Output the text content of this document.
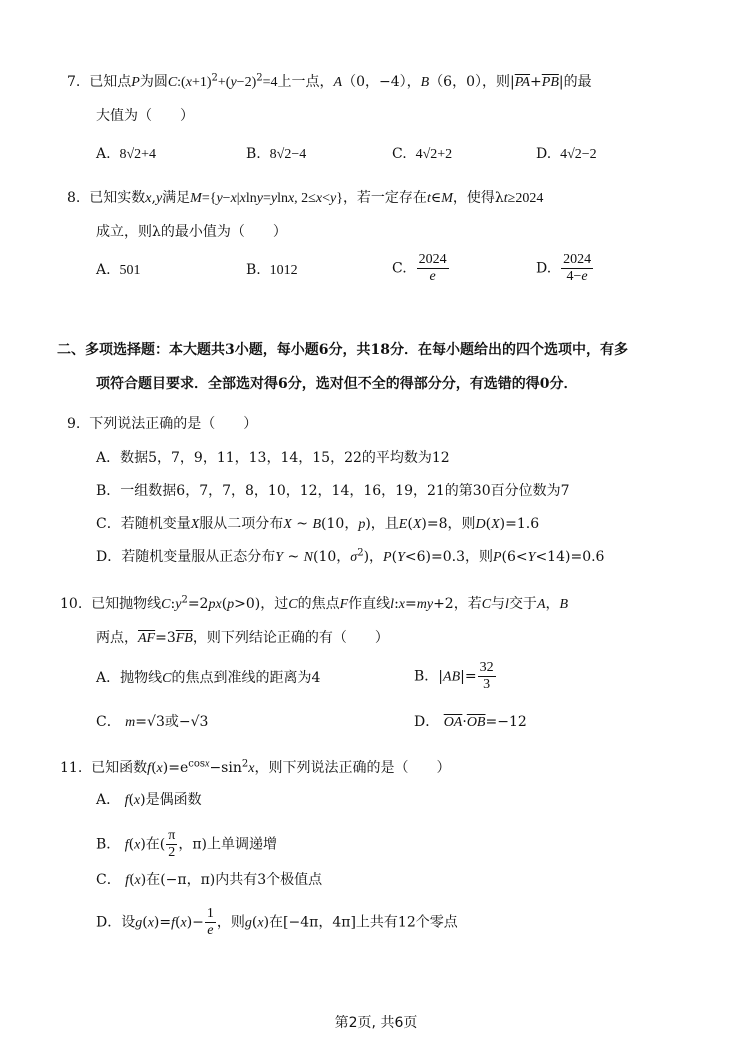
7.  已知点P为圆$C:(x+1)^2+(y-2)^2=4$上一点，A（0，−4），B（6，0），则$|\overline{PA}+\overline{PB}|$的最
大值为（　　）
A.  8√2+4	B.  8√2−4	C.  4√2+2	D.  4√2−2
8.  已知实数x,y满足M={y−x|xlny=ylnx, 2≤x<y}，若一定存在t∈M，使得λt≥2024
成立，则λ的最小值为（　　）
A.  501	B.  1012	C. $\frac{2024}{e}$	D. $\frac{2024}{4-e}$
二、多项选择题：本大题共3小题，每小题6分，共18分．在每小题给出的四个选项中，有多
项符合题目要求．全部选对得6分，选对但不全的得部分分，有选错的得0分．
9. 下列说法正确的是（　　）
A．数据5，7，9，11，13，14，15，22的平均数为12
B．一组数据6，7，7，8，10，12，14，16，19，21的第30百分位数为7
C．若随机变量X服从二项分布X ~ B(10，p)，且E(X)=8，则D(X)=1.6
D．若随机变量服从正态分布Y ~ N(10，$\sigma^2$)，P(Y<6)=0.3，则P(6<Y<14)=0.6
10.  已知抛物线$C:y^2=2px(p>0)$，过C的焦点F作直线l:x=my+2，若C与l交于A，B
两点，$\overline{AF}=3\overline{FB}$，则下列结论正确的有（　　）
A．抛物线C的焦点到准线的距离为4	B．$|AB|= \frac{32}{3}$
C． m=√3或−√3	D． $\overline{OA}\cdot\overline{OB}=-12$
11.  已知函数$f(x)=e^{cosx}-\sin^2x$，则下列说法正确的是（　　）
A． f(x)是偶函数
B． f(x)在( $\frac{\pi}{2}$ ，π)上单调递增
C． f(x)在(−π，π)内共有3个极值点
D．设$g(x)=f(x)- \frac{1}{e}$ ，则g(x)在[−4π，4π]上共有12个零点
第2页, 共6页
